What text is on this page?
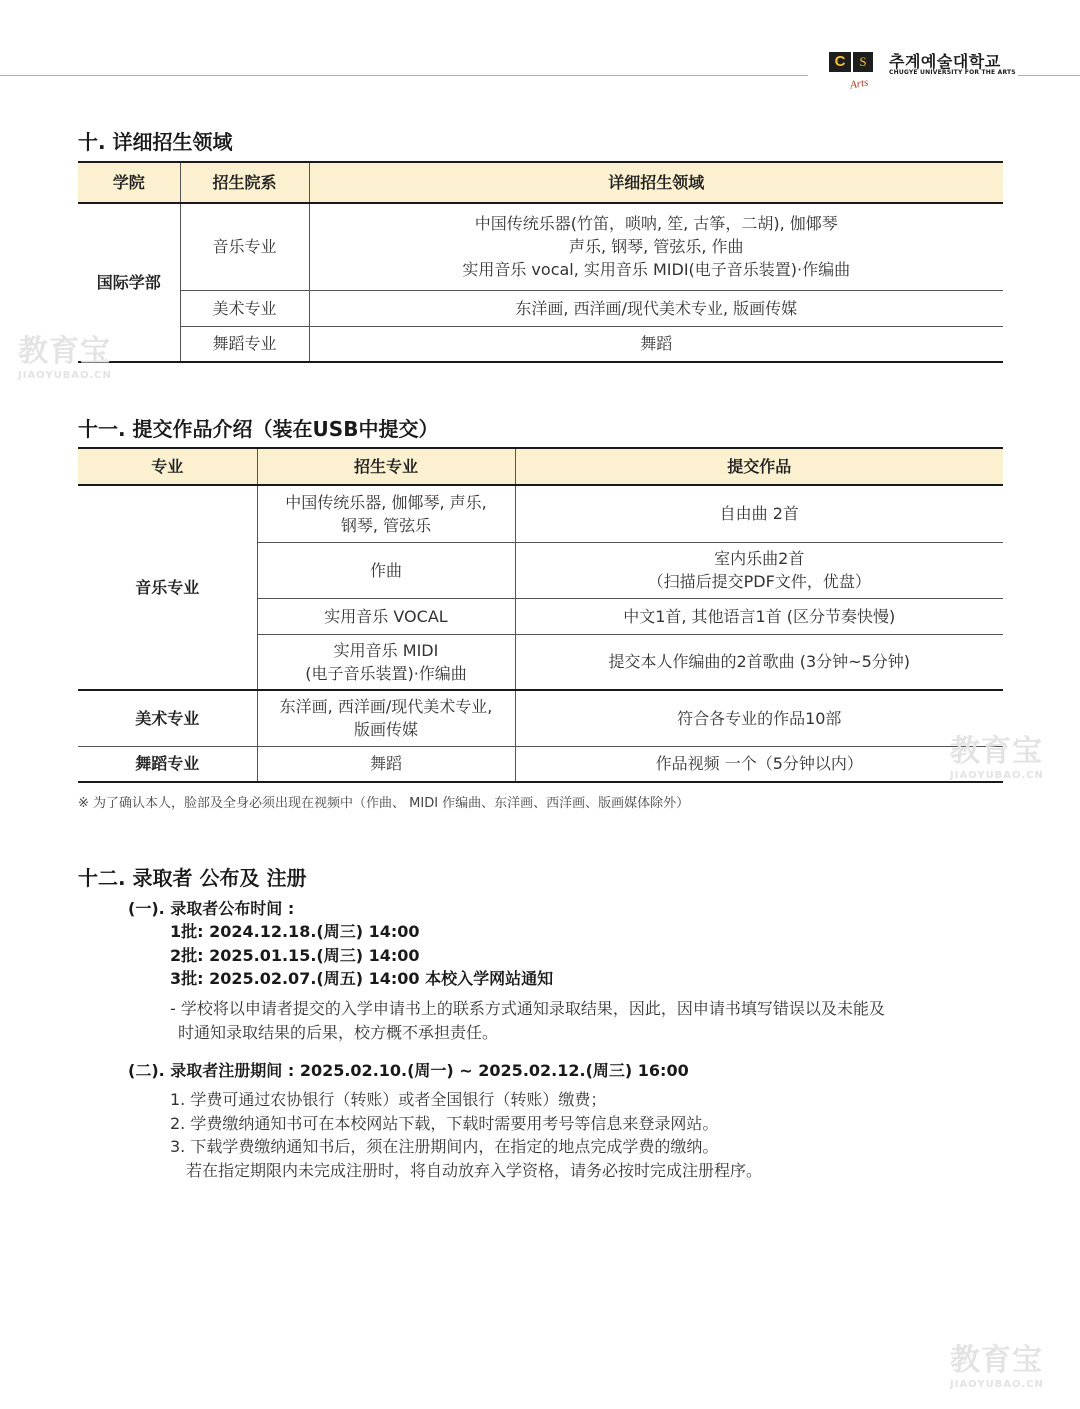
C	S
Arts
추계예술대학교
CHUGYE UNIVERSITY FOR THE ARTS
十. 详细招生领域
学院	招生院系	详细招生领域
国际学部	音乐专业	中国传统乐器(竹笛，唢呐, 笙, 古筝，二胡), 伽倻琴
声乐, 钢琴, 管弦乐, 作曲
实用音乐 vocal, 实用音乐 MIDI(电子音乐装置)·作编曲

	美术专业	东洋画, 西洋画/现代美术专业, 版画传媒
	舞蹈专业	舞蹈
十一. 提交作品介绍（装在USB中提交）
专业	招生专业	提交作品
音乐专业	中国传统乐器, 伽倻琴, 声乐,
钢琴, 管弦乐	自由曲 2首
	作曲	室内乐曲2首
（扫描后提交PDF文件，优盘）

	实用音乐 VOCAL	中文1首, 其他语言1首 (区分节奏快慢)

	实用音乐 MIDI
(电子音乐装置)·作编曲	提交本人作编曲的2首歌曲 (3分钟~5分钟)
美术专业	东洋画, 西洋画/现代美术专业,
版画传媒	符合各专业的作品10部
舞蹈专业	舞蹈	作品视频 一个（5分钟以内）
※ 为了确认本人，脸部及全身必须出现在视频中（作曲、 MIDI 作编曲、东洋画、西洋画、版画媒体除外）
十二. 录取者 公布及 注册
(一). 录取者公布时间 :
1批: 2024.12.18.(周三) 14:00
2批: 2025.01.15.(周三) 14:00
3批: 2025.02.07.(周五) 14:00 本校入学网站通知
- 学校将以申请者提交的入学申请书上的联系方式通知录取结果，因此，因申请书填写错误以及未能及
时通知录取结果的后果，校方概不承担责任。
(二). 录取者注册期间 : 2025.02.10.(周一) ~ 2025.02.12.(周三) 16:00
1. 学费可通过农协银行（转账）或者全国银行（转账）缴费；
2. 学费缴纳通知书可在本校网站下载，下载时需要用考号等信息来登录网站。
3. 下载学费缴纳通知书后，须在注册期间内，在指定的地点完成学费的缴纳。
若在指定期限内未完成注册时，将自动放弃入学资格，请务必按时完成注册程序。
教育宝
JIAOYUBAO.CN
教育宝
JIAOYUBAO.CN
教育宝
JIAOYUBAO.CN
